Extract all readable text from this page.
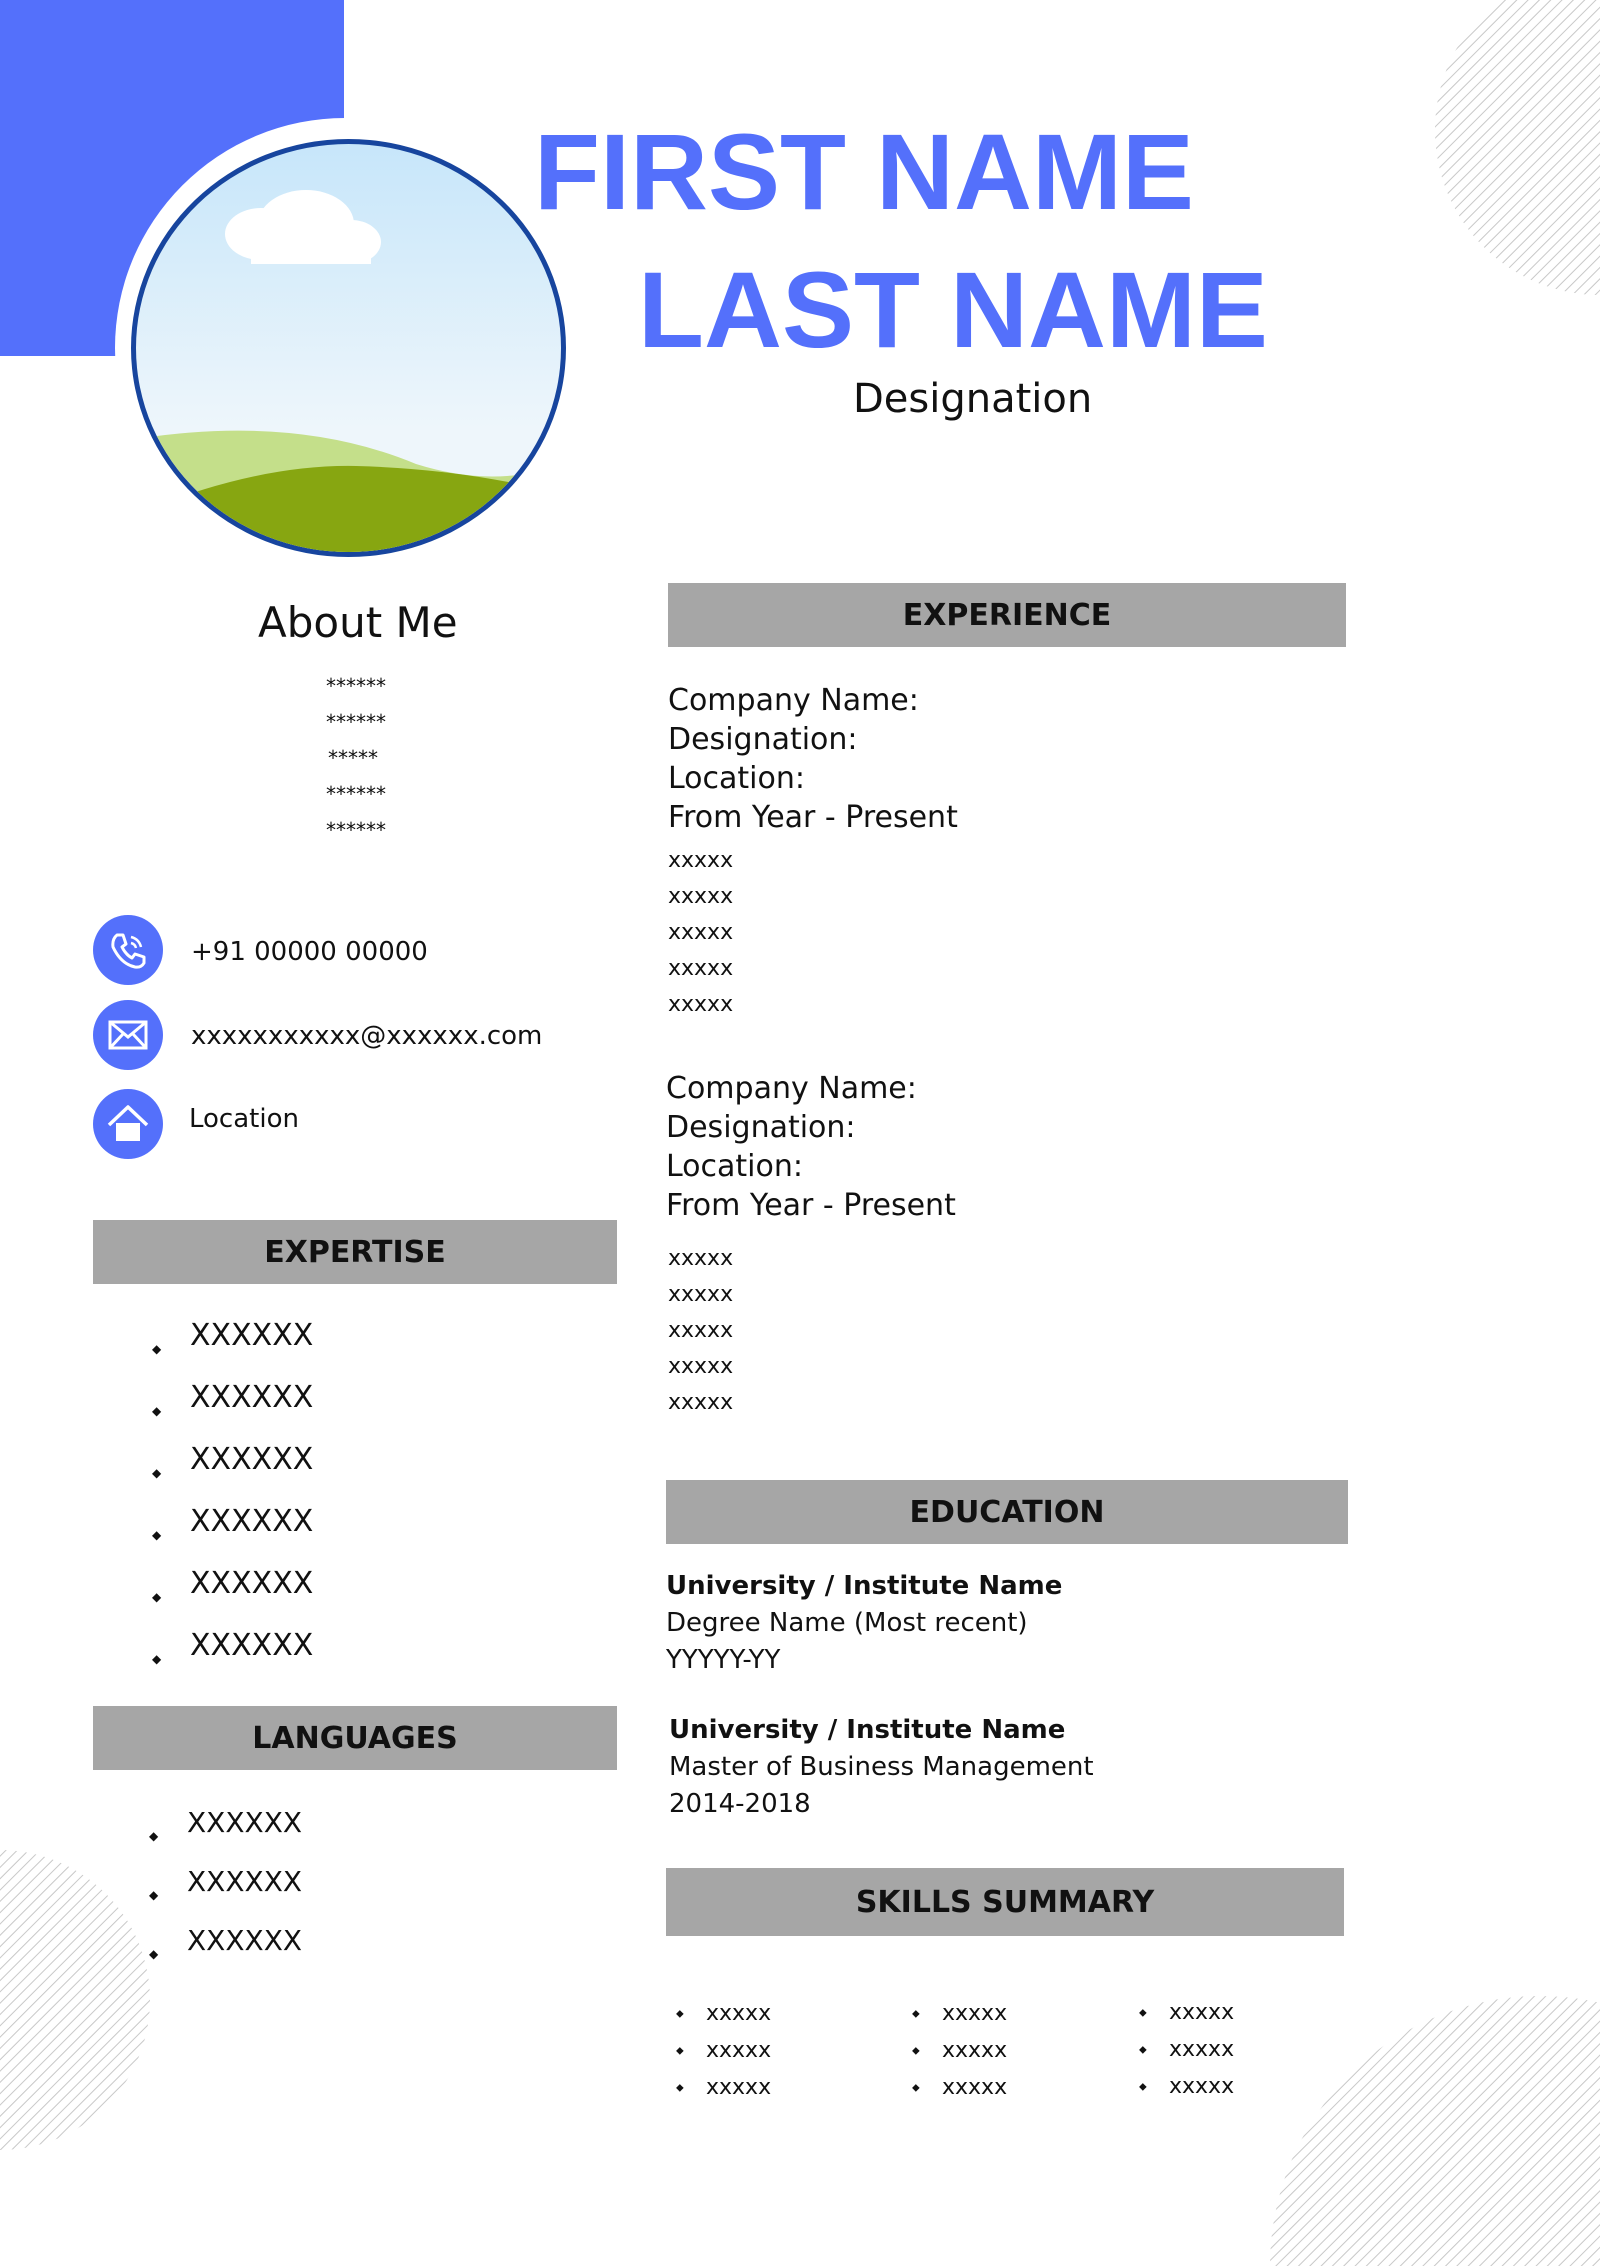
FIRST NAME
LAST NAME
Designation
About Me
******
******
*****
******
******
+91 00000 00000
xxxxxxxxxxx@xxxxxx.com
Location
EXPERTISE
◆ XXXXXX
◆ XXXXXX
◆ XXXXXX
◆ XXXXXX
◆ XXXXXX
◆ XXXXXX
LANGUAGES
◆ XXXXXX
◆ XXXXXX
◆ XXXXXX
EXPERIENCE
Company Name:
Designation:
Location:
From Year - Present
xxxxx
xxxxx
xxxxx
xxxxx
xxxxx
Company Name:
Designation:
Location:
From Year - Present
xxxxx
xxxxx
xxxxx
xxxxx
xxxxx
EDUCATION
University / Institute Name
Degree Name (Most recent)
YYYYY-YY
University / Institute Name
Master of Business Management
2014-2018
SKILLS SUMMARY
◆ xxxxx
◆ xxxxx
◆ xxxxx
◆ xxxxx
◆ xxxxx
◆ xxxxx
◆ xxxxx
◆ xxxxx
◆ xxxxx
